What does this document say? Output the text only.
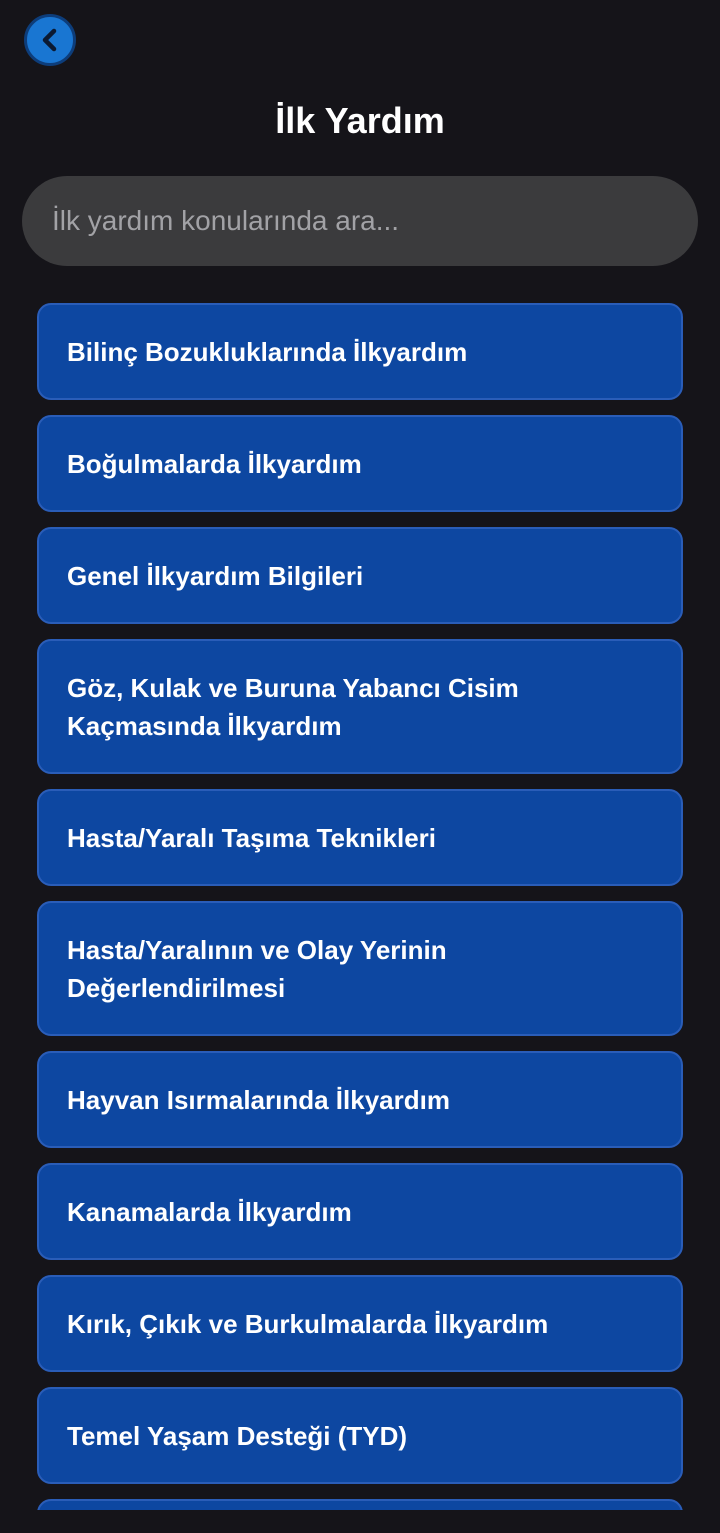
İlk Yardım
İlk yardım konularında ara...
Bilinç Bozukluklarında İlkyardım
Boğulmalarda İlkyardım
Genel İlkyardım Bilgileri
Göz, Kulak ve Buruna Yabancı Cisim Kaçmasında İlkyardım
Hasta/Yaralı Taşıma Teknikleri
Hasta/Yaralının ve Olay Yerinin Değerlendirilmesi
Hayvan Isırmalarında İlkyardım
Kanamalarda İlkyardım
Kırık, Çıkık ve Burkulmalarda İlkyardım
Temel Yaşam Desteği (TYD)
